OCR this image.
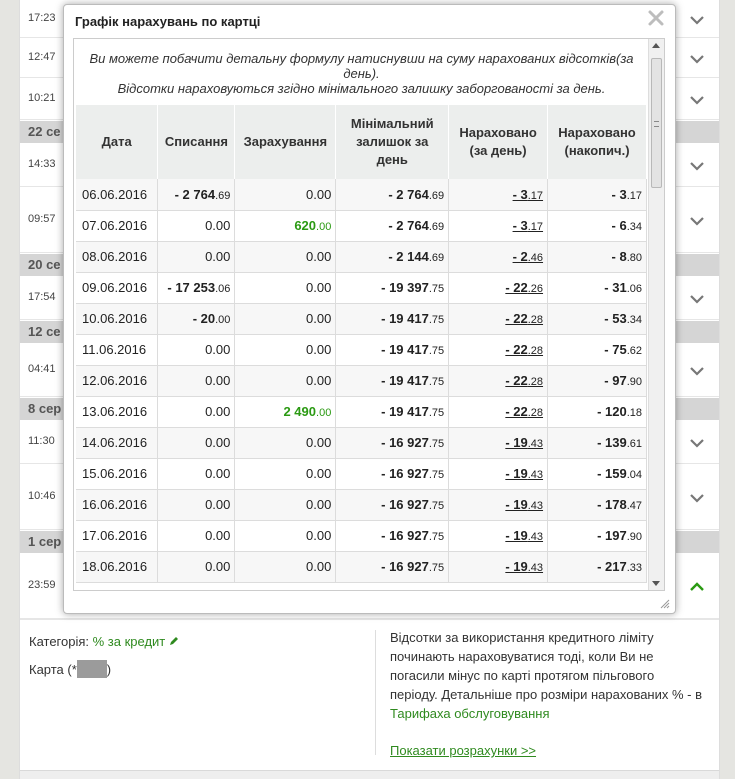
17:23
12:47
10:21
22 се
14:33
09:57
20 се
17:54
12 се
04:41
8 сер
11:30
10:46
1 сер
23:59
Категорія: % за кредит
Карта (* )
Відсотки за використання кредитного ліміту починають нараховуватися тоді, коли Ви не погасили мінус по карті протягом пільгового періоду. Детальніше про розміри нарахованих % - в Тарифаха обслуговування
Показати розрахунки >>
Графік нарахувань по картці
Ви можете побачити детальну формулу натиснувши на суму нарахованих відсотків(за день).
Відсотки нараховуються згідно мінімального залишку заборгованості за день.
Дата	Списання	Зарахування	Мінімальний залишок за день	Нараховано (за день)	Нараховано (накопич.)
06.06.2016	- 2 764.69	0.00	- 2 764.69	- 3.17	- 3.17
07.06.2016	0.00	620.00	- 2 764.69	- 3.17	- 6.34
08.06.2016	0.00	0.00	- 2 144.69	- 2.46	- 8.80
09.06.2016	- 17 253.06	0.00	- 19 397.75	- 22.26	- 31.06
10.06.2016	- 20.00	0.00	- 19 417.75	- 22.28	- 53.34
11.06.2016	0.00	0.00	- 19 417.75	- 22.28	- 75.62
12.06.2016	0.00	0.00	- 19 417.75	- 22.28	- 97.90
13.06.2016	0.00	2 490.00	- 19 417.75	- 22.28	- 120.18
14.06.2016	0.00	0.00	- 16 927.75	- 19.43	- 139.61
15.06.2016	0.00	0.00	- 16 927.75	- 19.43	- 159.04
16.06.2016	0.00	0.00	- 16 927.75	- 19.43	- 178.47
17.06.2016	0.00	0.00	- 16 927.75	- 19.43	- 197.90
18.06.2016	0.00	0.00	- 16 927.75	- 19.43	- 217.33
